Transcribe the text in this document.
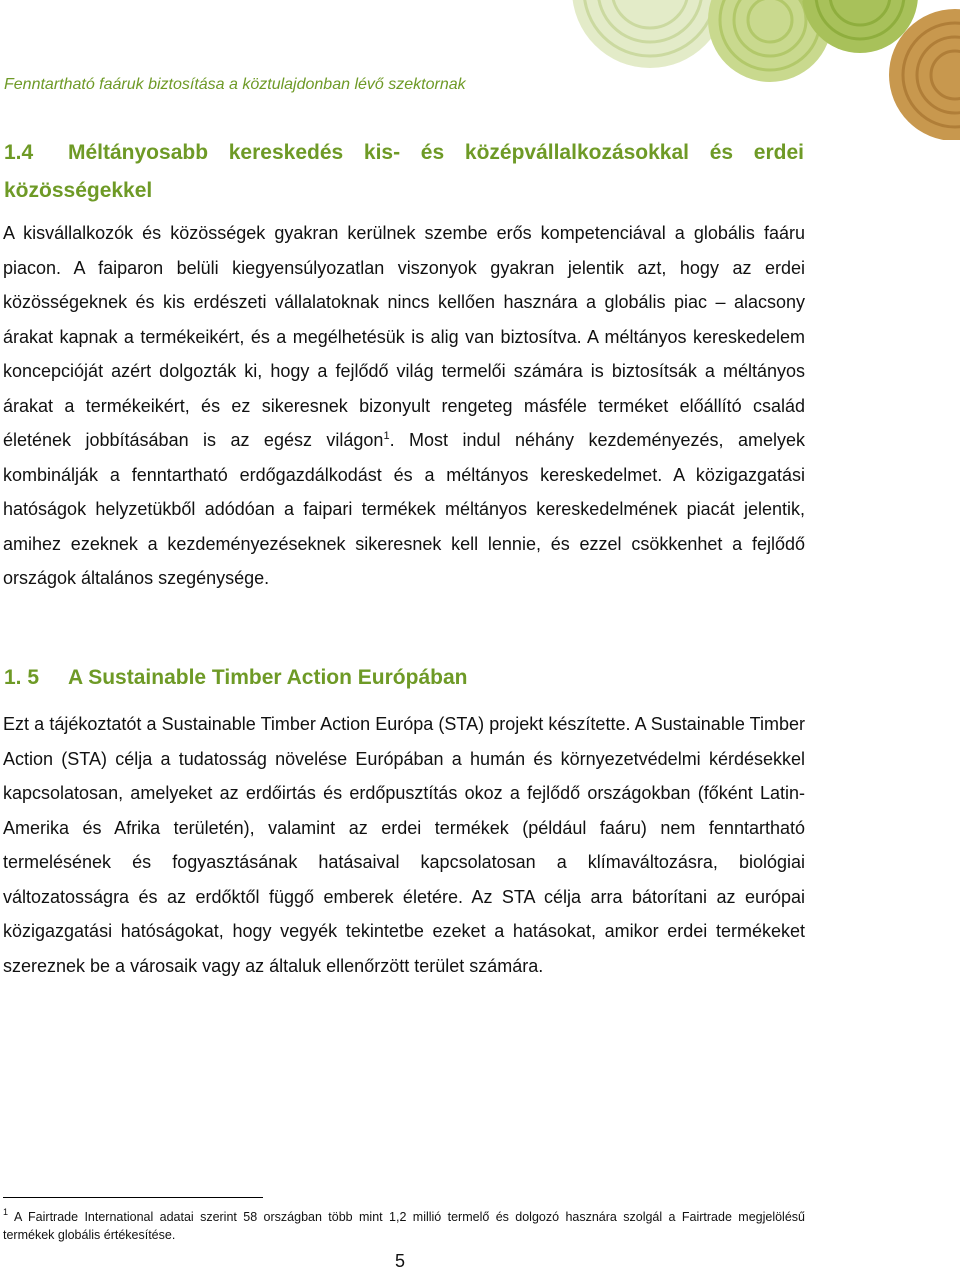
Fenntartható faáruk biztosítása a köztulajdonban lévő szektornak
1.4 Méltányosabb kereskedés kis- és középvállalkozásokkal és erdei
közösségekkel

A kisvállalkozók és közösségek gyakran kerülnek szembe erős kompetenciával a globális faáru piacon. A faiparon belüli kiegyensúlyozatlan viszonyok gyakran jelentik azt, hogy az erdei közösségeknek és kis erdészeti vállalatoknak nincs kellően hasznára a globális piac – alacsony árakat kapnak a termékeikért, és a megélhetésük is alig van biztosítva. A méltányos kereskedelem koncepcióját azért dolgozták ki, hogy a fejlődő világ termelői számára is biztosítsák a méltányos árakat a termékeikért, és ez sikeresnek bizonyult rengeteg másféle terméket előállító család életének jobbításában is az egész világon$^1$. Most indul néhány kezdeményezés, amelyek kombinálják a fenntartható erdőgazdálkodást és a méltányos kereskedelmet. A közigazgatási hatóságok helyzetükből adódóan a faipari termékek méltányos kereskedelmének piacát jelentik, amihez ezeknek a kezdeményezéseknek sikeresnek kell lennie, és ezzel csökkenhet a fejlődő országok általános szegénysége.

1. 5 A Sustainable Timber Action Európában

Ezt a tájékoztatót a Sustainable Timber Action Európa (STA) projekt készítette. A Sustainable Timber Action (STA) célja a tudatosság növelése Európában a humán és környezetvédelmi kérdésekkel kapcsolatosan, amelyeket az erdőirtás és erdőpusztítás okoz a fejlődő országokban (főként Latin-Amerika és Afrika területén), valamint az erdei termékek (például faáru) nem fenntartható termelésének és fogyasztásának hatásaival kapcsolatosan a klímaváltozásra, biológiai változatosságra és az erdőktől függő emberek életére. Az STA célja arra bátorítani az európai közigazgatási hatóságokat, hogy vegyék tekintetbe ezeket a hatásokat, amikor erdei termékeket szereznek be a városaik vagy az általuk ellenőrzött terület számára.

$^1$ A Fairtrade International adatai szerint 58 országban több mint 1,2 millió termelő és dolgozó hasznára szolgál a Fairtrade megjelölésű termékek globális értékesítése.

5
